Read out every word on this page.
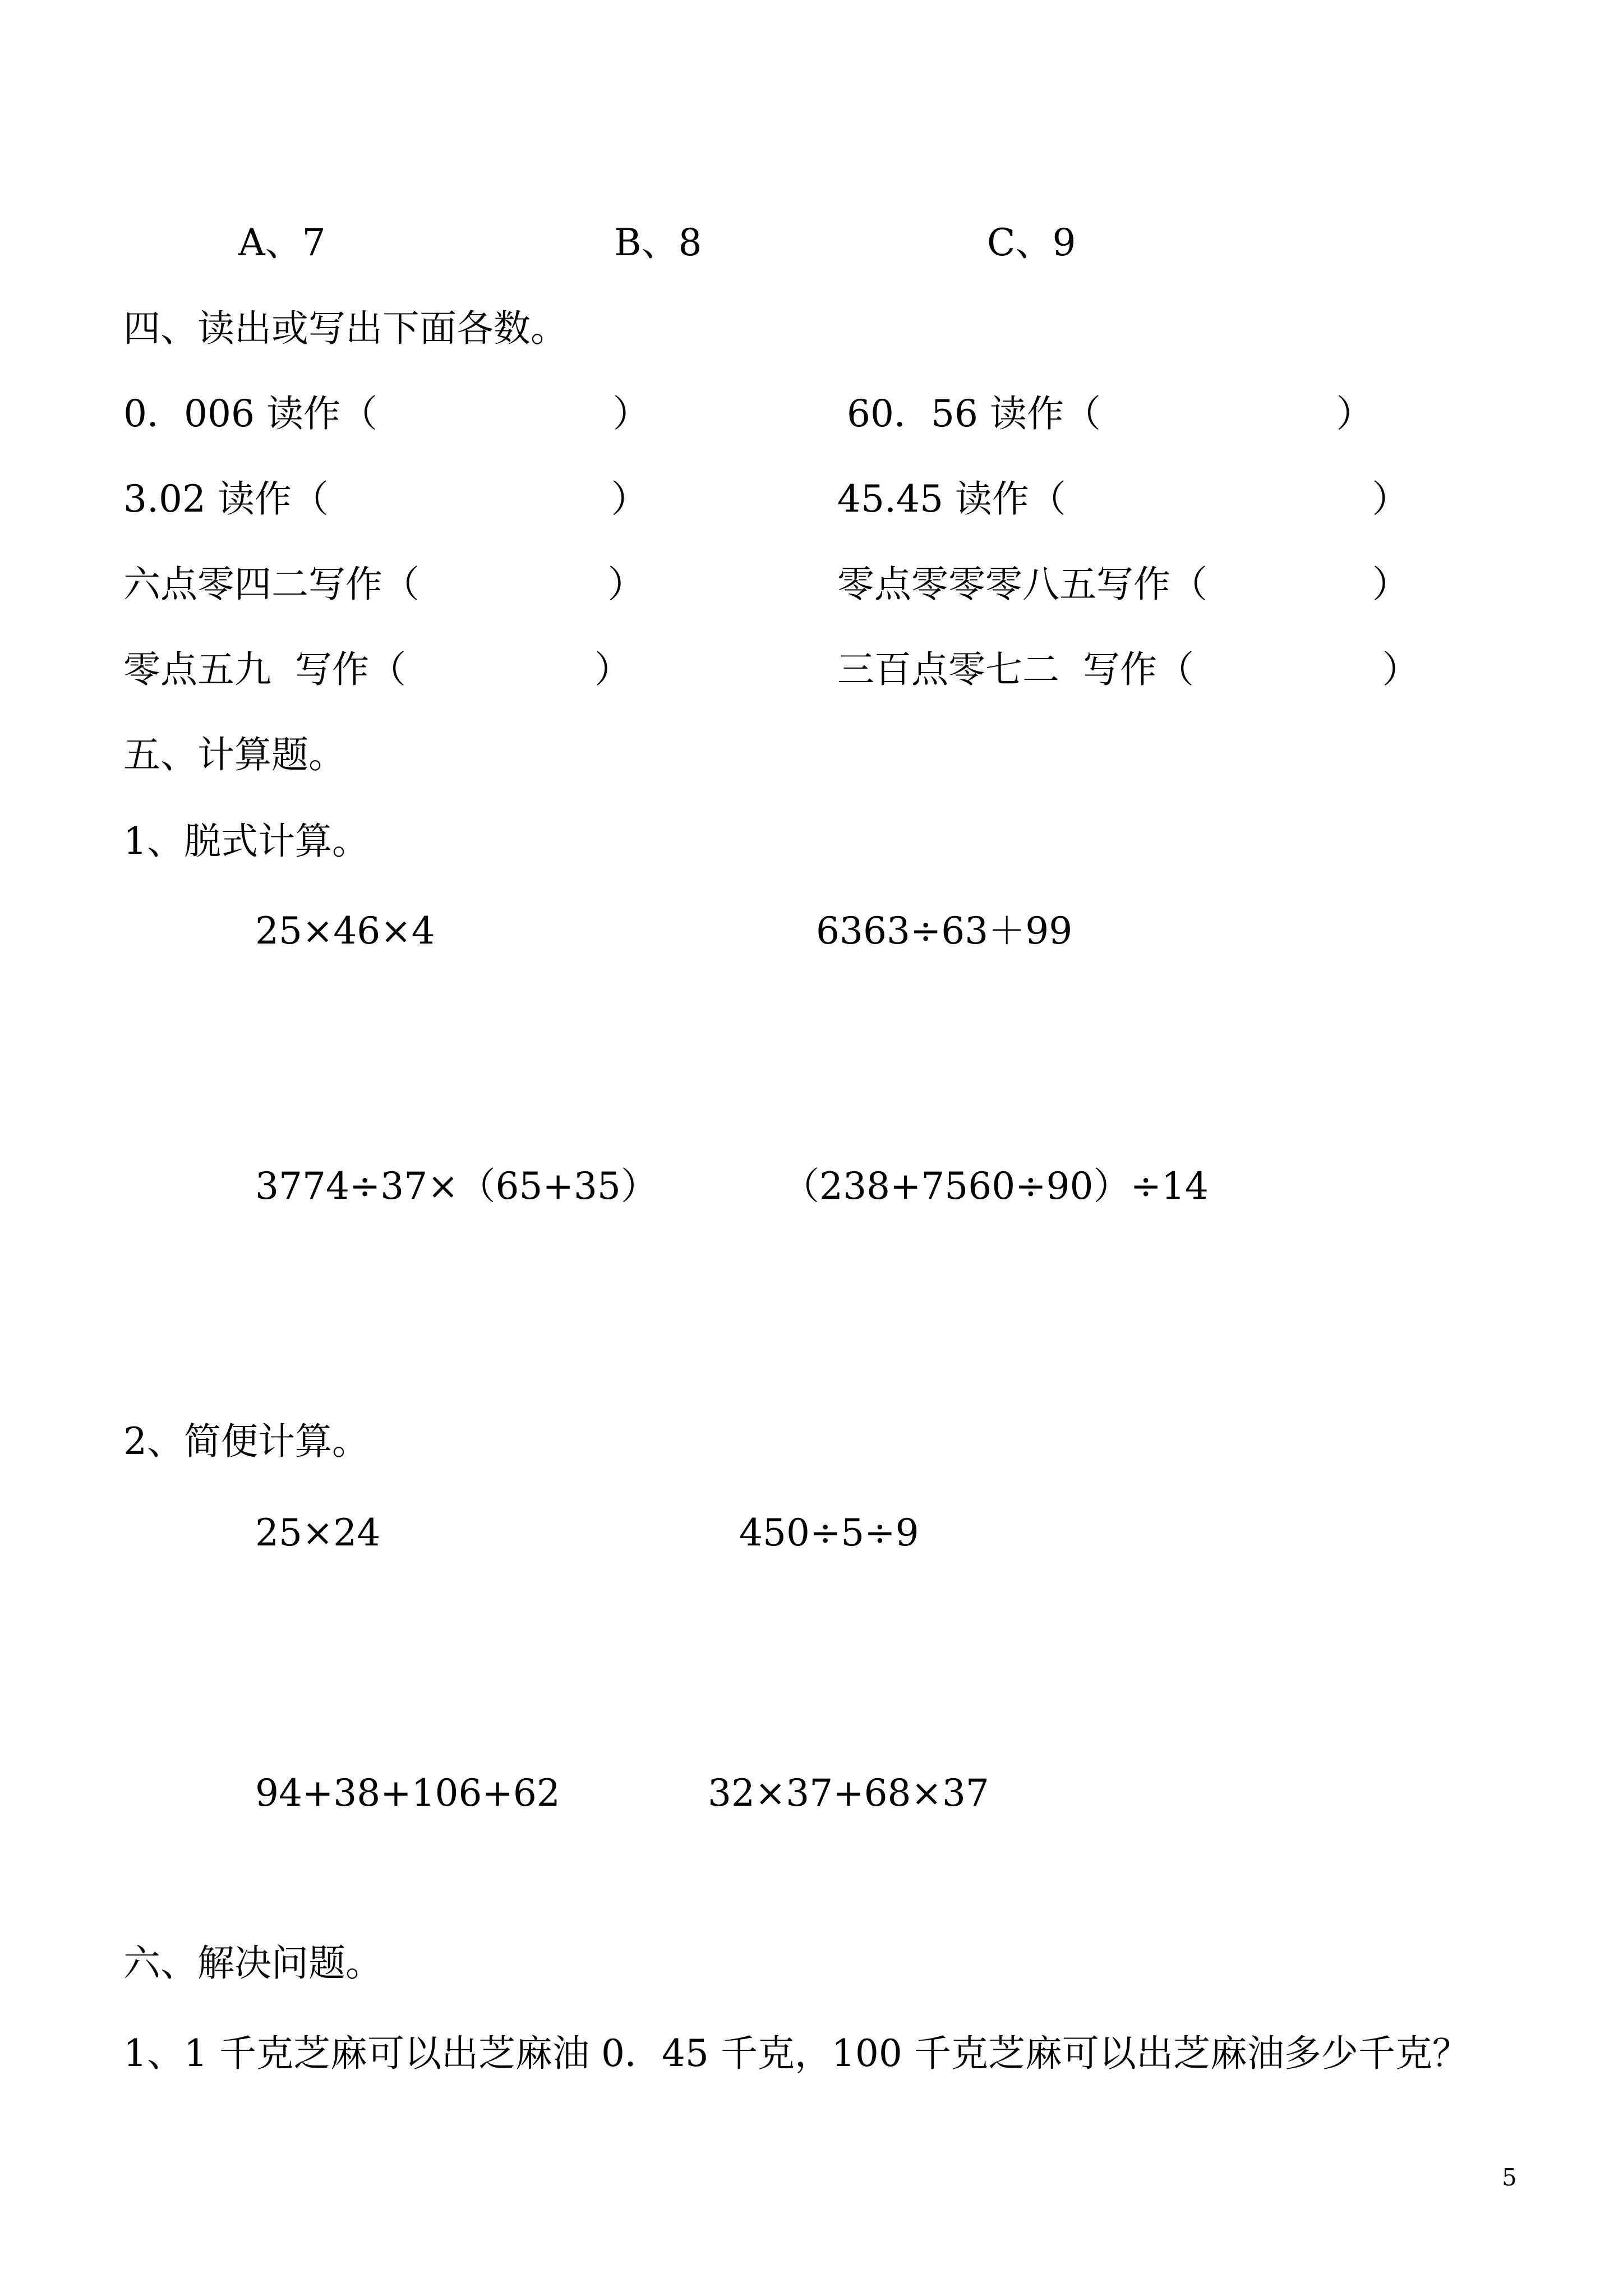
A、7	B、8	C、9
四、读出或写出下面各数。
0．006 读作（                    ）	60．56 读作（                    ）
3.02 读作（                        ）	45.45 读作（                          ）
六点零四二写作（                ）	零点零零零八五写作（              ）
零点五九  写作（                ）	三百点零七二  写作（                ）
五、计算题。
1、脱式计算。
25×46×4	6363÷63＋99
3774÷37×（65+35）	（238+7560÷90）÷14
2、简便计算。
25×24	450÷5÷9
94+38+106+62	32×37+68×37
六、解决问题。
1、1 千克芝麻可以出芝麻油 0．45 千克，100 千克芝麻可以出芝麻油多少千克？
5
